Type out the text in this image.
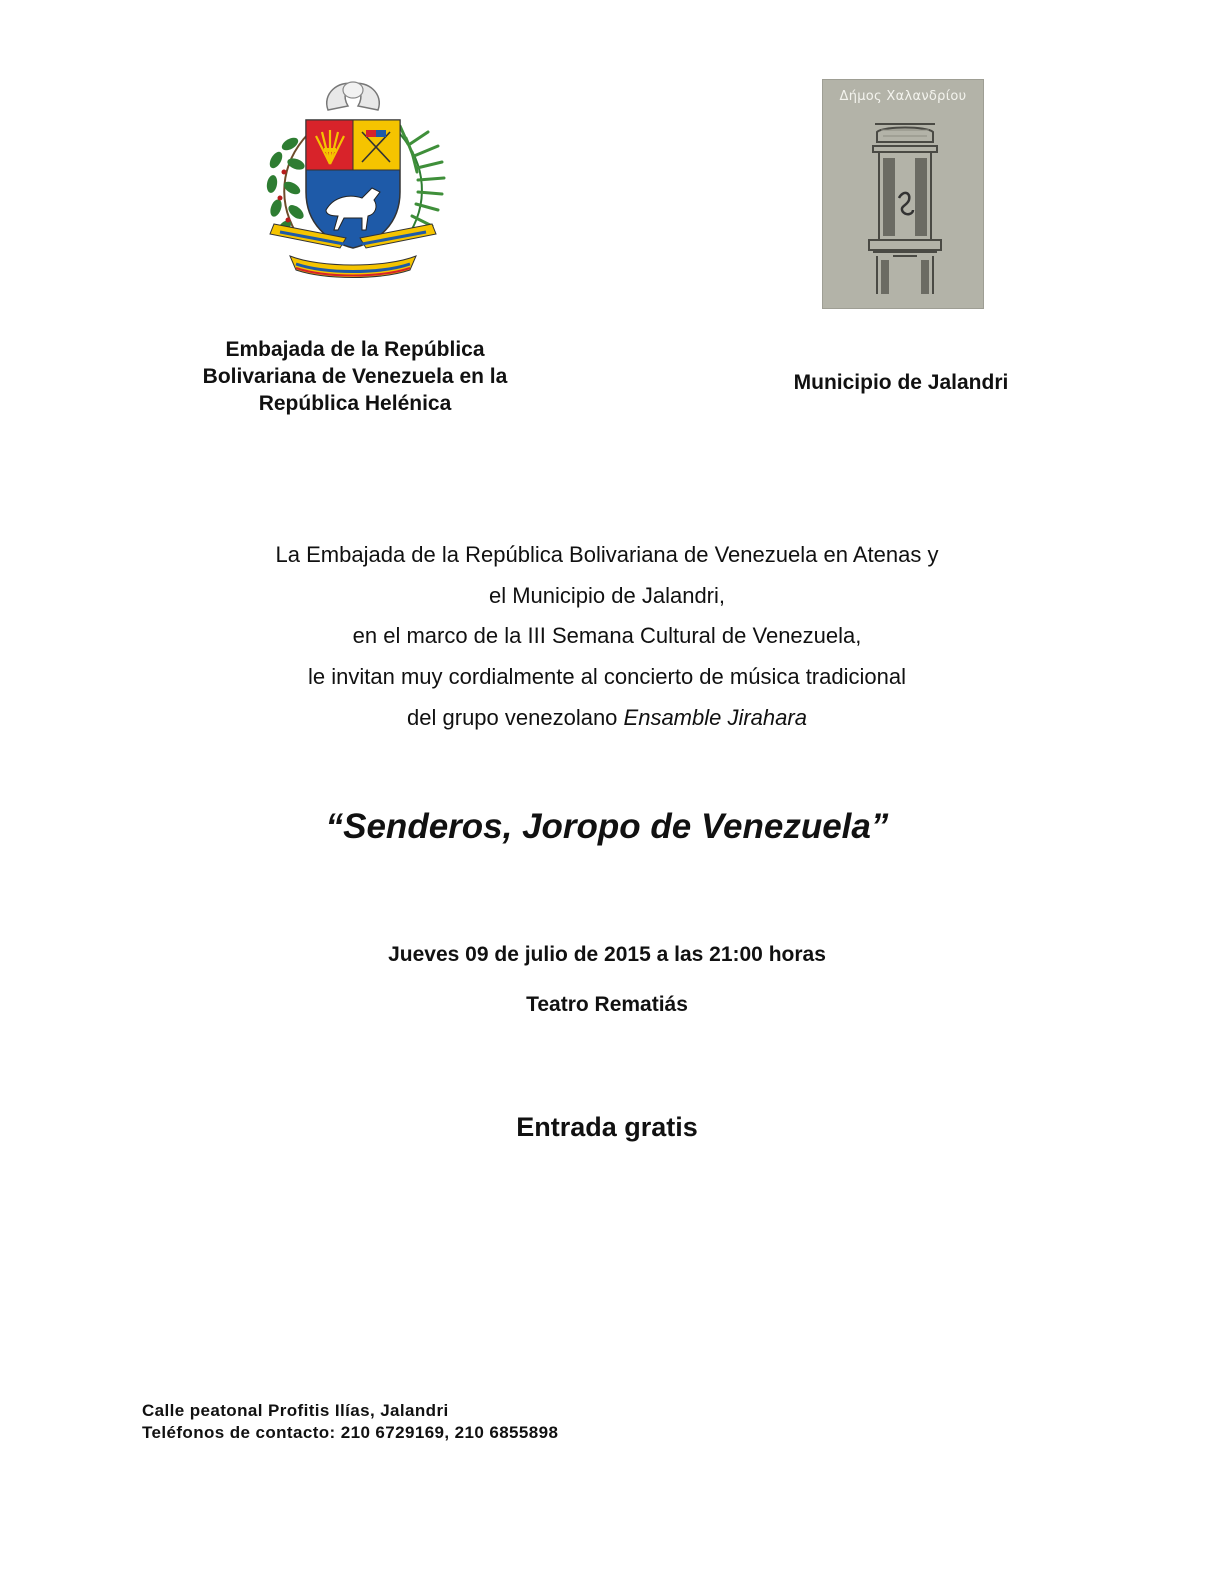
Δήμος Χαλανδρίου
Embajada de la República
Bolivariana de Venezuela en la
República Helénica
Municipio de Jalandri
La Embajada de la República Bolivariana de Venezuela en Atenas y
el Municipio de Jalandri,
en el marco de la III Semana Cultural de Venezuela,
le invitan muy cordialmente al concierto de música tradicional
del grupo venezolano Ensamble Jirahara
“Senderos, Joropo de Venezuela”
Jueves 09 de julio de 2015 a las 21:00 horas
Teatro Rematiás
Entrada gratis
Calle peatonal Profitis Ilías, Jalandri
Teléfonos de contacto: 210 6729169, 210 6855898
